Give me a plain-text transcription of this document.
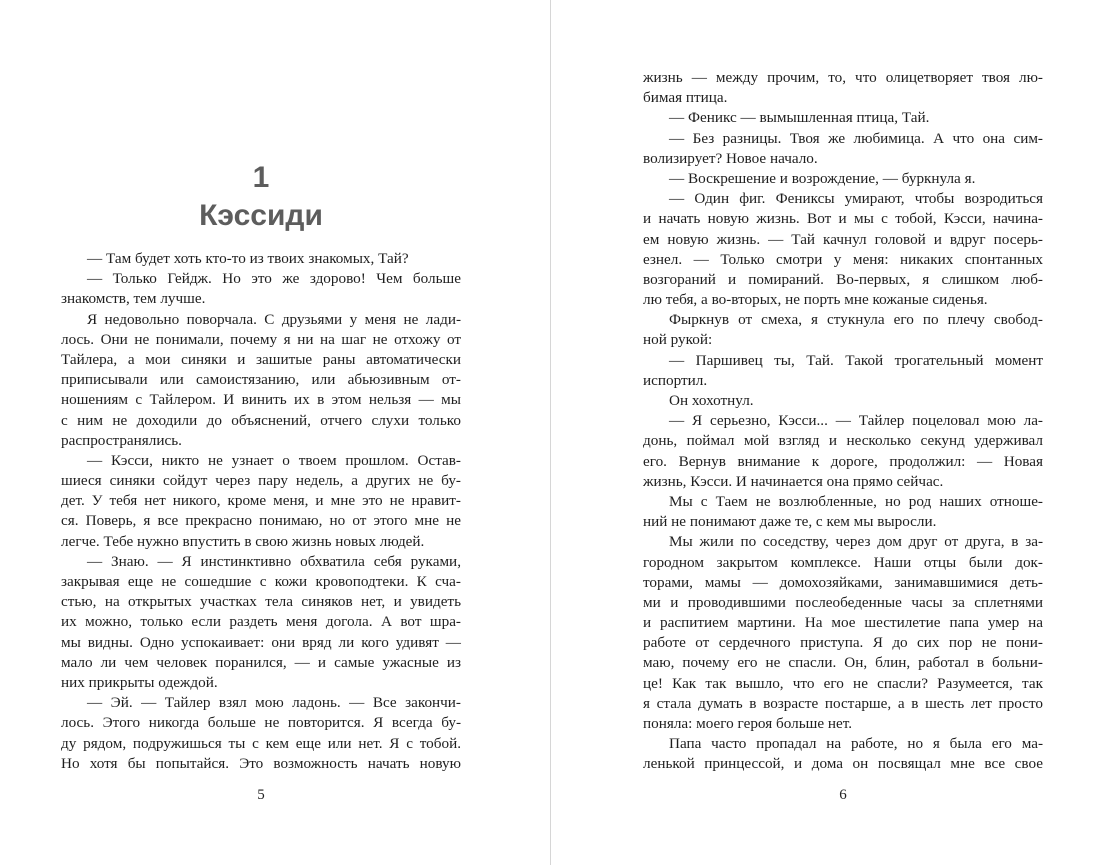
1
Кэссиди
— Там будет хоть кто-то из твоих знакомых, Тай?
— Только Гейдж. Но это же здорово! Чем больше
знакомств, тем лучше.
Я недовольно поворчала. С друзьями у меня не лади-
лось. Они не понимали, почему я ни на шаг не отхожу от
Тайлера, а мои синяки и зашитые раны автоматически
приписывали или самоистязанию, или абьюзивным от-
ношениям с Тайлером. И винить их в этом нельзя — мы
с ним не доходили до объяснений, отчего слухи только
распространялись.
— Кэсси, никто не узнает о твоем прошлом. Остав-
шиеся синяки сойдут через пару недель, а других не бу-
дет. У тебя нет никого, кроме меня, и мне это не нравит-
ся. Поверь, я все прекрасно понимаю, но от этого мне не
легче. Тебе нужно впустить в свою жизнь новых людей.
— Знаю. — Я инстинктивно обхватила себя руками,
закрывая еще не сошедшие с кожи кровоподтеки. К сча-
стью, на открытых участках тела синяков нет, и увидеть
их можно, только если раздеть меня догола. А вот шра-
мы видны. Одно успокаивает: они вряд ли кого удивят —
мало ли чем человек поранился, — и самые ужасные из
них прикрыты одеждой.
— Эй. — Тайлер взял мою ладонь. — Все закончи-
лось. Этого никогда больше не повторится. Я всегда бу-
ду рядом, подружишься ты с кем еще или нет. Я с тобой.
Но хотя бы попытайся. Это возможность начать новую
5
жизнь — между прочим, то, что олицетворяет твоя лю-
бимая птица.
— Феникс — вымышленная птица, Тай.
— Без разницы. Твоя же любимица. А что она сим-
волизирует? Новое начало.
— Воскрешение и возрождение, — буркнула я.
— Один фиг. Фениксы умирают, чтобы возродиться
и начать новую жизнь. Вот и мы с тобой, Кэсси, начина-
ем новую жизнь. — Тай качнул головой и вдруг посерь-
езнел. — Только смотри у меня: никаких спонтанных
возгораний и помираний. Во-первых, я слишком люб-
лю тебя, а во-вторых, не порть мне кожаные сиденья.
Фыркнув от смеха, я стукнула его по плечу свобод-
ной рукой:
— Паршивец ты, Тай. Такой трогательный момент
испортил.
Он хохотнул.
— Я серьезно, Кэсси... — Тайлер поцеловал мою ла-
донь, поймал мой взгляд и несколько секунд удерживал
его. Вернув внимание к дороге, продолжил: — Новая
жизнь, Кэсси. И начинается она прямо сейчас.
Мы с Таем не возлюбленные, но род наших отноше-
ний не понимают даже те, с кем мы выросли.
Мы жили по соседству, через дом друг от друга, в за-
городном закрытом комплексе. Наши отцы были док-
торами, мамы — домохозяйками, занимавшимися деть-
ми и проводившими послеобеденные часы за сплетнями
и распитием мартини. На мое шестилетие папа умер на
работе от сердечного приступа. Я до сих пор не пони-
маю, почему его не спасли. Он, блин, работал в больни-
це! Как так вышло, что его не спасли? Разумеется, так
я стала думать в возрасте постарше, а в шесть лет просто
поняла: моего героя больше нет.
Папа часто пропадал на работе, но я была его ма-
ленькой принцессой, и дома он посвящал мне все свое
6
